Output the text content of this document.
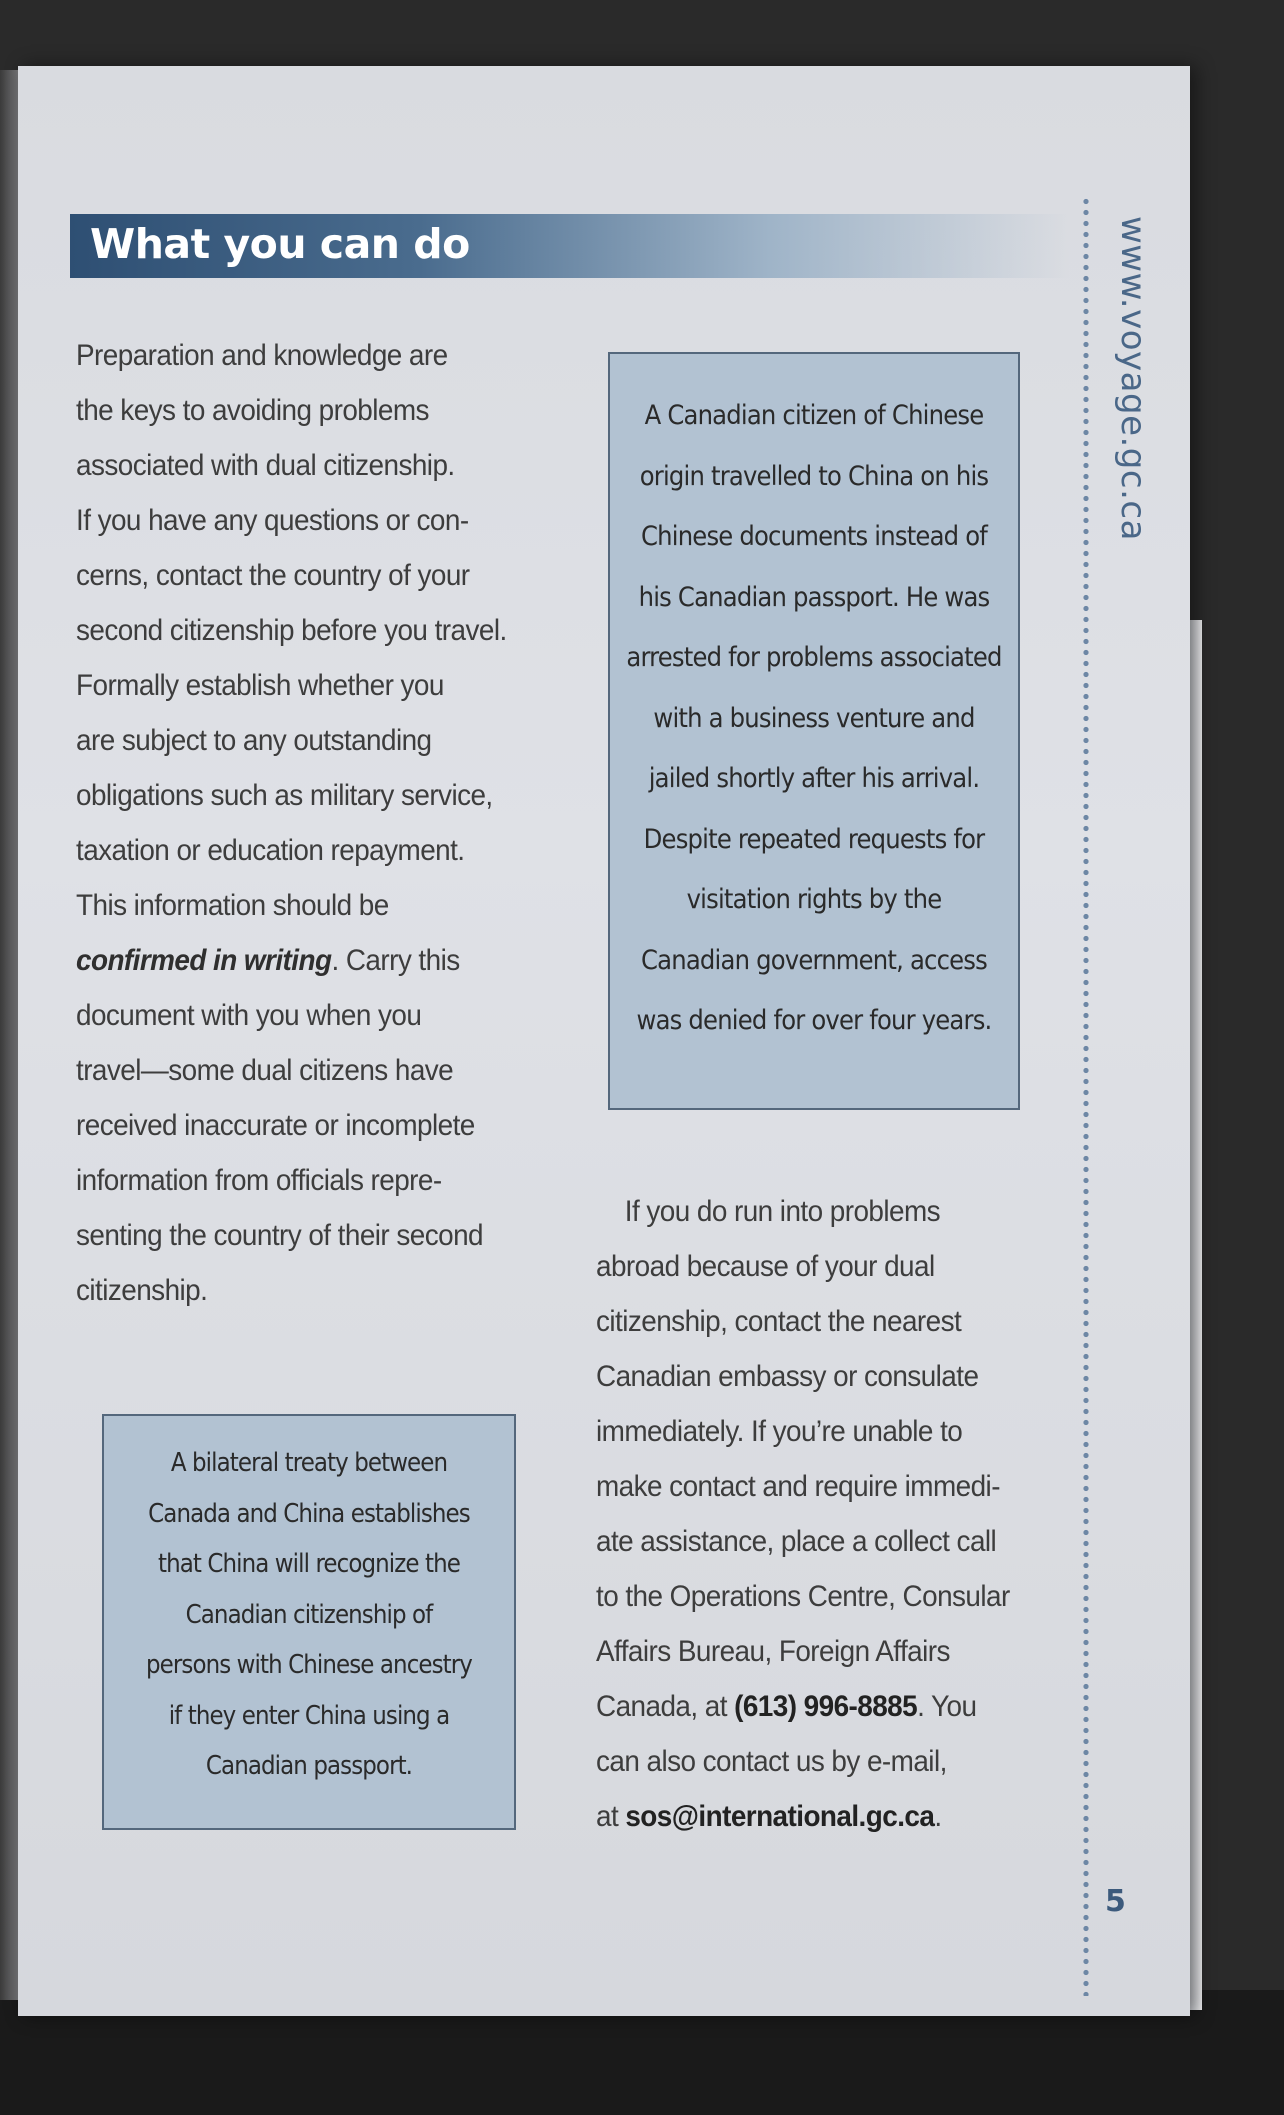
What you can do
Preparation and knowledge are
the keys to avoiding problems
associated with dual citizenship.
If you have any questions or con-
cerns, contact the country of your
second citizenship before you travel.
Formally establish whether you
are subject to any outstanding
obligations such as military service,
taxation or education repayment.
This information should be
confirmed in writing. Carry this
document with you when you
travel—some dual citizens have
received inaccurate or incomplete
information from officials repre-
senting the country of their second
citizenship.
A Canadian citizen of Chinese
origin travelled to China on his
Chinese documents instead of
his Canadian passport. He was
arrested for problems associated
with a business venture and
jailed shortly after his arrival.
Despite repeated requests for
visitation rights by the
Canadian government, access
was denied for over four years.
A bilateral treaty between
Canada and China establishes
that China will recognize the
Canadian citizenship of
persons with Chinese ancestry
if they enter China using a
Canadian passport.
If you do run into problems
abroad because of your dual
citizenship, contact the nearest
Canadian embassy or consulate
immediately. If you’re unable to
make contact and require immedi-
ate assistance, place a collect call
to the Operations Centre, Consular
Affairs Bureau, Foreign Affairs
Canada, at (613) 996-8885. You
can also contact us by e-mail,
at sos@international.gc.ca.
www.voyage.gc.ca
5
